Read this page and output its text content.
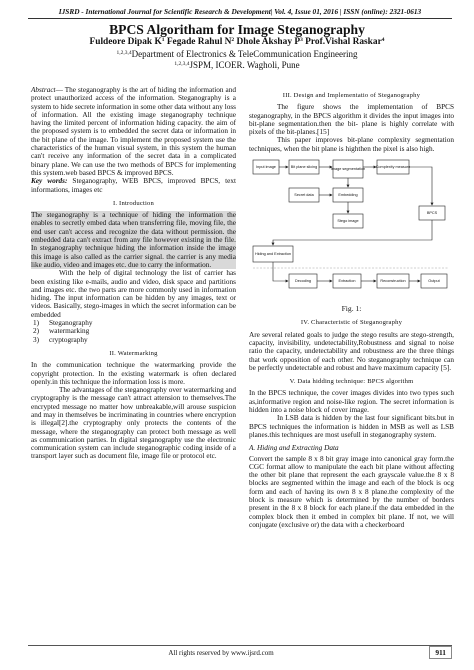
IJSRD - International Journal for Scientific Research & Development| Vol. 4, Issue 01, 2016 | ISSN (online): 2321-0613
BPCS Algoritham for Image Steganography
Fuldeore Dipak $K^1$ Fegade Rahul $N^2$ Dhole Akshay $P^3$ Prof.Vishal Raskar$^4$
$^{1,2,3,4}$Department of Electronics & TeleCommunication Engineering
$^{1,2,3,4}$JSPM, ICOER. Wagholi, Pune

Abstract— The steganography is the art of hiding the information and protect unauthorized access of the information. Steganography is a system to hide secrete information in some other data without any loss of information. All the existing image steganography technique having the limited percent of information hiding capacity. the aim of the proposed system is to embedded the secret data or information in the bit plane of the image. To implement the proposed system use the characteristics of the human visual system, in this system the human can't receive any information of the secret data in a complicated binary plane. We can use the two methods of BPCS for implementing this system.web based BPCS & improved BPCS.

Key words: Steganography, WEB BPCS, improved BPCS, text informations, images etc

I. Introduction

The steganography is a technique of hiding the information the enables to secretly embed data when transferring file, moving file, the end user can't access and recognize the data without permission. the embedded data can't extract from any file however existing in the file. In steganography technique hiding the information inside the image this image is also called as the carrier signal. the carrier is any media like audio, video and images etc. due to carry the information.

With the help of digital technology the list of carrier has been existing like e-mails, audio and video, disk space and partitions and images etc. the two parts are more commonly used in information hiding. The input information can be hidden by any images, text or videos. Basically, stego-images in which the secret information can be embedded

1) Steganography
2) watermarking
3) cryptography
II. Watermarking

In the communication technique the watermarking provide the copyright protection. In the existing watermark is often declared openly.in this technique the information loss is more.

The advantages of the steganography over watermarking and cryptography is the message can't attract attension to themselves.The encrypted message no matter how unbreakable,will arouse suspicion and may in themselves be incriminating in countries where encryption is illegal[2].the cryptography only protects the contents of the message, where the steganography can protect both message as well as communication parties. In digital steganography use the electronic communication system can include steganographic coding inside of a transport layer such as document file, image file or protocol etc.

III. Design and Implementatio of Steganography

The figure shows the implementation of BPCS steganography, in the BPCS algorithm it divides the input images into bit-plane segmentation.then the bit- plane is highly correlate with pixels of the bit-planes.[15]

This paper improves bit-plane complexity segmentation techniques, when the bit plane is highthen the pixel is also high.

Input image	Bit plane slicing	Image segmentation	Complexity measure
Embedding
Secret data
Stego image
BPCS
Hiding and Extraction
Decoding	Extraction	Reconstruction	Output
Fig. 1:
IV. Characteristic of Steganography

Are several related goals to judge the stego results are stego-strength, capacity, invisibility, undetectability,Robustness and signal to noise ratio the capacity, undetectability and robustness are the three things that work opposition of each other. No steganography technique can be perfectly undetectable and robust and have maximum capacity [5].

V. Data hidding technique: BPCS algorithm

In the BPCS technique, the cover images divides into two types such as,informative region and noise-like region. The secret information is hidden into a noise block of cover image.

In LSB data is hidden by the last four significant bits.but in BPCS techniques the information is hidden in MSB as well as LSB planes.this techniques are most usefull in steganography system.

A. Hiding and Extracting Data

Convert the sample 8 x 8 bit gray image into canonical gray form.the CGC format allow to manipulate the each bit plane without affecting the other bit plane that represent the each grayscale value.the 8 x 8 blocks are segmented within the image and each of the block is ocg form and each of having its own 8 x 8 plane.the complexity of the block is measure which is determined by the number of borders present in the 8 x 8 block for each plane.if the data embedded in the complex block then it embed in complex bit plane. If not, we will conjugate (exclusive or) the data with a checkerboard

All rights reserved by www.ijsrd.com	911
